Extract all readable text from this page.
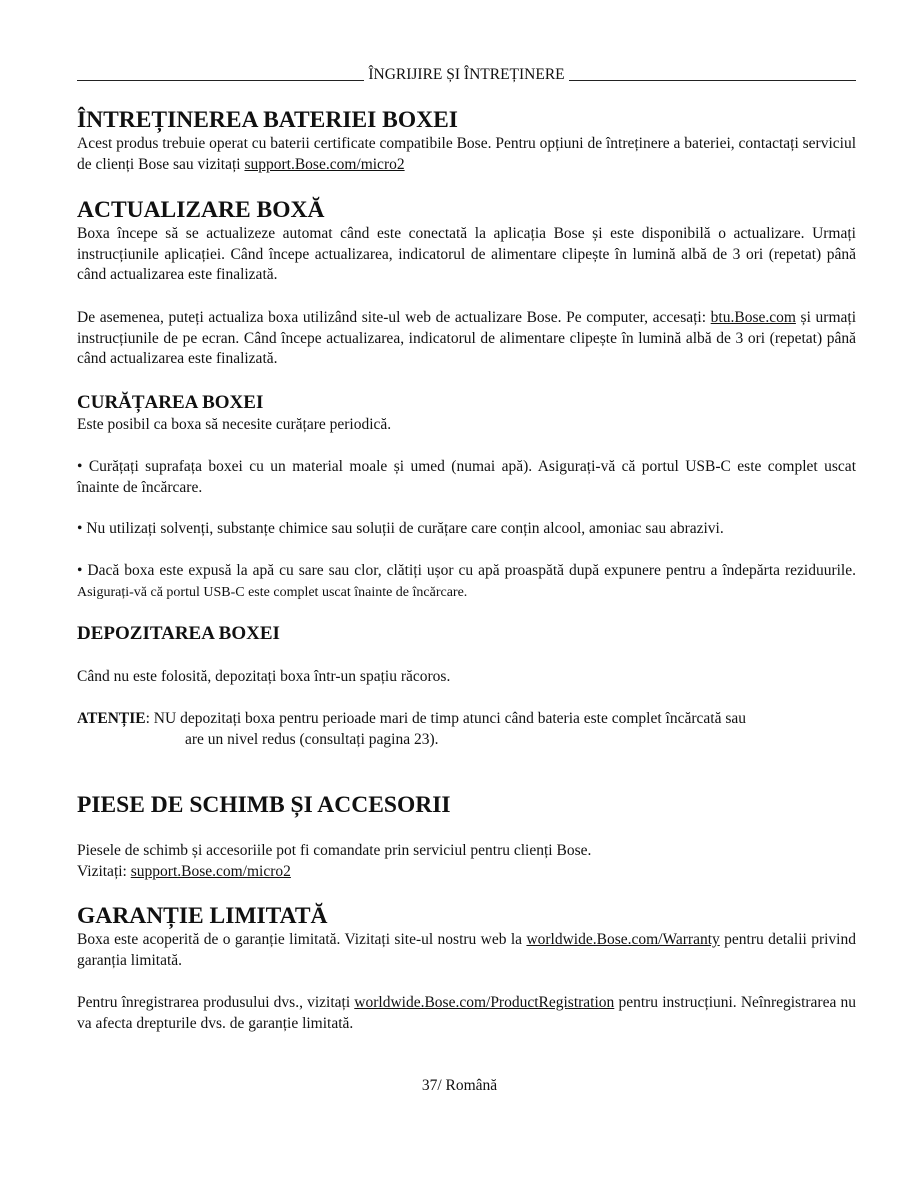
ÎNGRIJIRE ȘI ÎNTREȚINERE
ÎNTREȚINEREA BATERIEI BOXEI

Acest produs trebuie operat cu baterii certificate compatibile Bose. Pentru opțiuni de întreținere a bateriei, contactați serviciul de clienți Bose sau vizitați support.Bose.com/micro2

ACTUALIZARE BOXĂ

Boxa începe să se actualizeze automat când este conectată la aplicația Bose și este disponibilă o actualizare. Urmați instrucțiunile aplicației. Când începe actualizarea, indicatorul de alimentare clipește în lumină albă de 3 ori (repetat) până când actualizarea este finalizată.

De asemenea, puteți actualiza boxa utilizând site-ul web de actualizare Bose. Pe computer, accesați: btu.Bose.com și urmați instrucțiunile de pe ecran. Când începe actualizarea, indicatorul de alimentare clipește în lumină albă de 3 ori (repetat) până când actualizarea este finalizată.

CURĂȚAREA BOXEI

Este posibil ca boxa să necesite curățare periodică.

• Curățați suprafața boxei cu un material moale și umed (numai apă). Asigurați-vă că portul USB-C este complet uscat înainte de încărcare.

• Nu utilizați solvenți, substanțe chimice sau soluții de curățare care conțin alcool, amoniac sau abrazivi.

• Dacă boxa este expusă la apă cu sare sau clor, clătiți ușor cu apă proaspătă după expunere pentru a îndepărta reziduurile. Asigurați-vă că portul USB-C este complet uscat înainte de încărcare.

DEPOZITAREA BOXEI

Când nu este folosită, depozitați boxa într-un spațiu răcoros.

ATENȚIE : NU depozitați boxa pentru perioade mari de timp atunci când bateria este complet încărcată sau
are un nivel redus (consultați pagina 23).
PIESE DE SCHIMB ȘI ACCESORII

Piesele de schimb și accesoriile pot fi comandate prin serviciul pentru clienți Bose.

Vizitați: support.Bose.com/micro2

GARANȚIE LIMITATĂ

Boxa este acoperită de o garanție limitată. Vizitați site-ul nostru web la worldwide.Bose.com/Warranty pentru detalii privind garanția limitată.

Pentru înregistrarea produsului dvs., vizitați worldwide.Bose.com/ProductRegistration pentru instrucțiuni. Neînregistrarea nu va afecta drepturile dvs. de garanție limitată.

37/ Română
